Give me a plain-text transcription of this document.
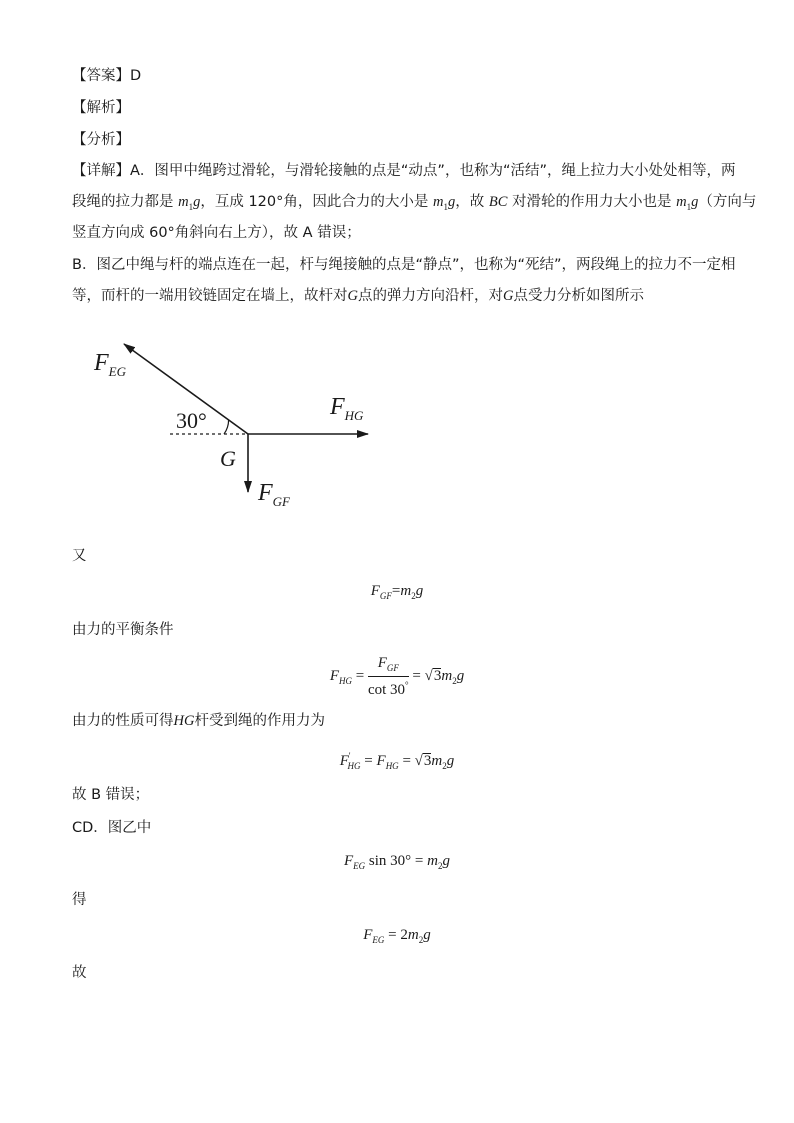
【答案】D
【解析】
【分析】
【详解】A．图甲中绳跨过滑轮，与滑轮接触的点是“动点”，也称为“活结”，绳上拉力大小处处相等，两
段绳的拉力都是 $m_1g$，互成 120°角，因此合力的大小是 $m_1g$，故 BC 对滑轮的作用力大小也是 $m_1g$（方向与
竖直方向成 60°角斜向右上方），故 A 错误；
B．图乙中绳与杆的端点连在一起，杆与绳接触的点是“静点”，也称为“死结”，两段绳上的拉力不一定相
等，而杆的一端用铰链固定在墙上，故杆对G点的弹力方向沿杆，对G点受力分析如图所示
$F_{EG}$
$F_{HG}$
$F_{GF}$
30°
G
又
$F_{GF}=m_2g$
由力的平衡条件
$F_{HG} = \frac{F_{GF}}{\cot 30^\circ} = √3m_2g$
由力的性质可得HG杆受到绳的作用力为
$F'_{HG} = F_{HG} = √3m_2g$
故 B 错误；
CD．图乙中
$F_{EG}$ $\sin 30^\circ = m_2g$
得
$F_{EG} = 2m_2g$
故
